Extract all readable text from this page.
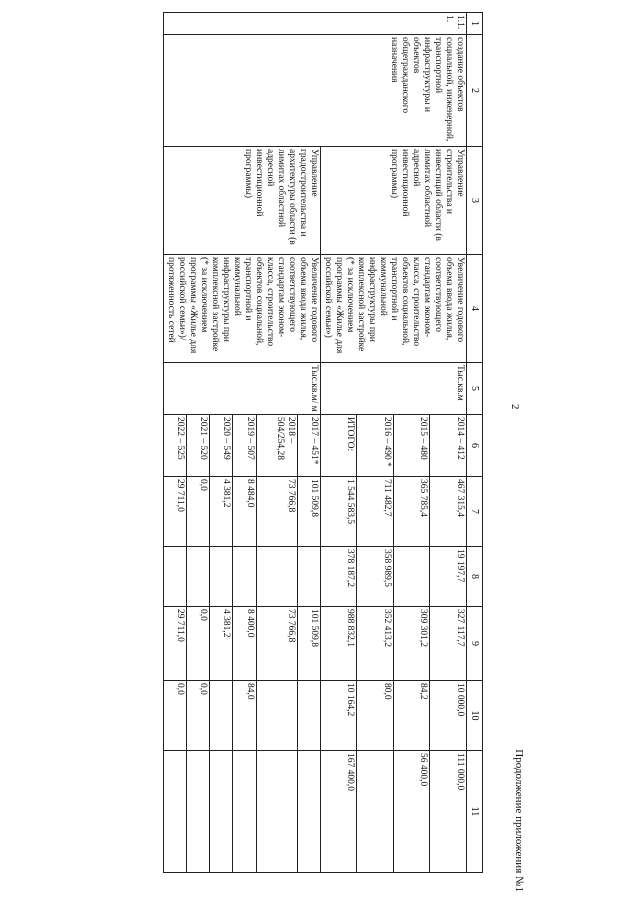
Продолжение приложения №1
2
1	2	3	4	5	6	7	8	9	10	11
1.1.1.	создание объектов социальной, инженерной, транспортной инфраструктуры и объектов общегражданского назначения	Управление строительства и инвестиций области (в лимитах областной адресной инвестиционной программы)	Увеличение годового объема ввода жилья, соответствующего стандартам эконом-класса, строительство объектов социальной, транспортной и коммунальной инфраструктуры при комплексной застройке (* за исключением программы «Жилье для российской семьи»)	Тыс.кв.м	2014 – 412	467 315,4	19 197,7	327 117,7	10 000,0	111 000,0
					2015 – 480	365 785,4		309 301,2	84,2	56 400,0
					2016 – 490 *	711 482,7	358 989,5	352 413,2	80,0	
					ИТОГО:	1 544 583,5	378 187,2	988 832,1	10 164,2	167 400,0
		Управление градостроительства и архитектуры области (в лимитах областной адресной инвестиционной программы)	Увеличение годового объема ввода жилья, соответствующего стандартам эконом-класса, строительство объектов социальной, транспортной и коммунальной инфраструктуры при комплексной застройке (* за исключением программы «Жилье для российской семьи»)/ протяженность сетей	Тыс.кв.м/ м	2017 – 451*	101 509,8		101 509,8		
					2018 – 504/254,28	73 766,8		73 766,8		
					2019 – 507	8 484,0		8 400,0	84,0	
					2020 – 549	4 381,2		4 381,2		
					2021 – 520	0,0		0,0	0,0	
					2022 – 525	29 711,0		29 711,0	0,0	
